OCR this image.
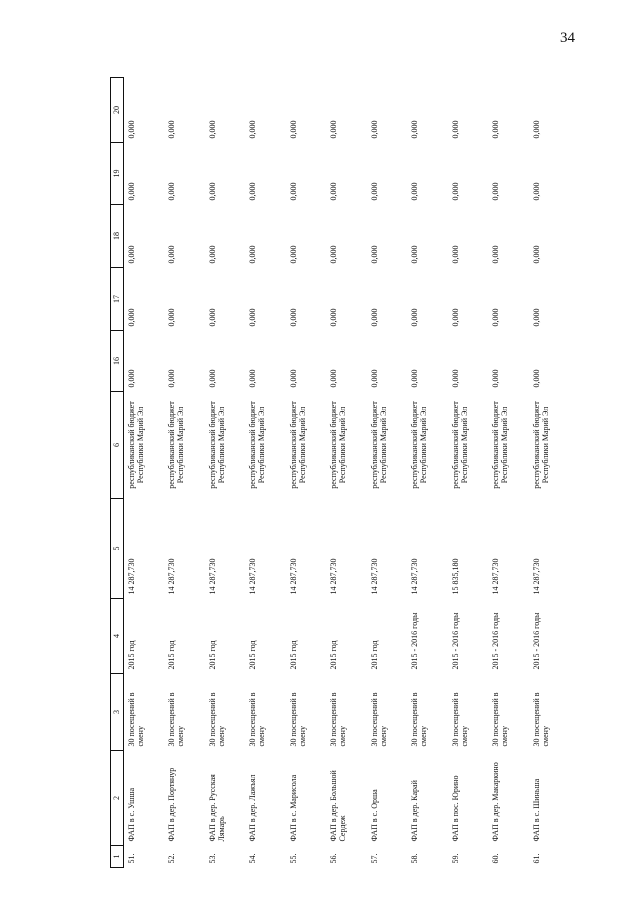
34
1	2	3	4	5	6	16	17	18	19	20
51.	ФАП в с. Ушша	30 посещений в смену	2015 год	14 287,730	республиканский бюджет Республики Марий Эл	0,000	0,000	0,000	0,000	0,000
52.	ФАП в дер. Портянур	30 посещений в смену	2015 год	14 287,730	республиканский бюджет Республики Марий Эл	0,000	0,000	0,000	0,000	0,000
53.	ФАП в дер. Русская Лямарь	30 посещений в смену	2015 год	14 287,730	республиканский бюджет Республики Марий Эл	0,000	0,000	0,000	0,000	0,000
54.	ФАП в дер. Лажъял	30 посещений в смену	2015 год	14 287,730	республиканский бюджет Республики Марий Эл	0,000	0,000	0,000	0,000	0,000
55.	ФАП в с. Марисола	30 посещений в смену	2015 год	14 287,730	республиканский бюджет Республики Марий Эл	0,000	0,000	0,000	0,000	0,000
56.	ФАП в дер. Большой Сердеж	30 посещений в смену	2015 год	14 287,730	республиканский бюджет Республики Марий Эл	0,000	0,000	0,000	0,000	0,000
57.	ФАП в с. Орша	30 посещений в смену	2015 год	14 287,730	республиканский бюджет Республики Марий Эл	0,000	0,000	0,000	0,000	0,000
58.	ФАП в дер. Карай	30 посещений в смену	2015 - 2016 годы	14 287,730	республиканский бюджет Республики Марий Эл	0,000	0,000	0,000	0,000	0,000
59.	ФАП в пос. Юрино	30 посещений в смену	2015 - 2016 годы	15 835,180	республиканский бюджет Республики Марий Эл	0,000	0,000	0,000	0,000	0,000
60.	ФАП в дер. Макаркино	30 посещений в смену	2015 - 2016 годы	14 287,730	республиканский бюджет Республики Марий Эл	0,000	0,000	0,000	0,000	0,000
61.	ФАП в с. Шиньша	30 посещений в смену	2015 - 2016 годы	14 287,730	республиканский бюджет Республики Марий Эл	0,000	0,000	0,000	0,000	0,000
